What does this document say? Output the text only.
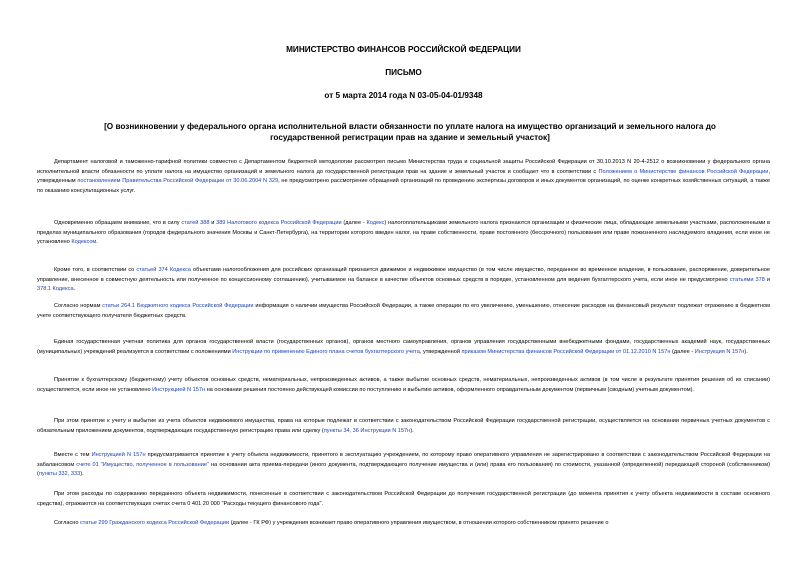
МИНИСТЕРСТВО ФИНАНСОВ РОССИЙСКОЙ ФЕДЕРАЦИИ
ПИСЬМО
от 5 марта 2014 года N 03-05-04-01/9348
[О возникновении у федерального органа исполнительной власти обязанности по уплате налога на имущество организаций и земельного налога до государственной регистрации прав на здание и земельный участок]

Департамент налоговой и таможенно-тарифной политики совместно с Департаментом бюджетной методологии рассмотрел письмо Министерства труда и социальной защиты Российской Федерации от 30.10.2013 N 20-4-2512 о возникновении у федерального органа исполнительной власти обязанности по уплате налога на имущество организаций и земельного налога до государственной регистрации прав на здание и земельный участок и сообщает что в соответствии с Положением о Министерстве финансов Российской Федерации, утвержденным постановлением Правительства Российской Федерации от 30.06.2004 N 329, не предусмотрено рассмотрение обращений организаций по проведению экспертизы договоров и иных документов организаций, по оценке конкретных хозяйственных ситуаций, а также по оказанию консультационных услуг.

Одновременно обращаем внимание, что в силу статей 388 и 389 Налогового кодекса Российской Федерации (далее - Кодекс) налогоплательщиками земельного налога признаются организации и физические лица, обладающие земельными участками, расположенными в пределах муниципального образования (городов федерального значения Москвы и Санкт-Петербурга), на территории которого введен налог, на праве собственности, праве постоянного (бессрочного) пользования или праве пожизненного наследуемого владения, если иное не установлено Кодексом.

Кроме того, в соответствии со статьей 374 Кодекса объектами налогообложения для российских организаций признается движимое и недвижимое имущество (в том числе имущество, переданное во временное владение, в пользование, распоряжение, доверительное управление, внесенное в совместную деятельность или полученное по концессионному соглашению), учитываемое на балансе в качестве объектов основных средств в порядке, установленном для ведения бухгалтерского учета, если иное не предусмотрено статьями 378 и 378.1 Кодекса.

Согласно нормам статьи 264.1 Бюджетного кодекса Российской Федерации информация о наличии имущества Российской Федерации, а также операции по его увеличению, уменьшению, отнесение расходов на финансовый результат подлежат отражению в бюджетном учете соответствующего получателя бюджетных средств.

Единая государственная учетная политика для органов государственной власти (государственных органов), органов местного самоуправления, органов управления государственными внебюджетными фондами, государственных академий наук, государственных (муниципальных) учреждений реализуется в соответствии с положениями Инструкции по применению Единого плана счетов бухгалтерского учета, утвержденной приказом Министерства финансов Российской Федерации от 01.12.2010 N 157н (далее - Инструкция N 157н).

Принятие к бухгалтерскому (бюджетному) учету объектов основных средств, нематериальных, непроизведенных активов, а также выбытие основных средств, нематериальных, непроизведенных активов (в том числе в результате принятия решения об их списании) осуществляется, если иное не установлено Инструкцией N 157н на основании решения постоянно действующей комиссии по поступлению и выбытию активов, оформленного оправдательным документом (первичным (сводным) учетным документом).

При этом принятие к учету и выбытие из учета объектов недвижимого имущества, права на которые подлежат в соответствии с законодательством Российской Федерации государственной регистрации, осуществляется на основании первичных учетных документов с обязательным приложением документов, подтверждающих государственную регистрацию права или сделку (пункты 34, 36 Инструкции N 157н).

Вместе с тем Инструкцией N 157н предусматривается принятие к учету объекта недвижимости, принятого в эксплуатацию учреждением, по которому право оперативного управления не зарегистрировано в соответствии с законодательством Российской Федерации на забалансовом счете 01 "Имущество, полученное в пользование" на основании акта приема-передачи (иного документа, подтверждающего получение имущества и (или) права его пользования) по стоимости, указанной (определенной) передающей стороной (собственником) (пункты 332, 333).

При этом расходы по содержанию переданного объекта недвижимости, понесенные в соответствии с законодательством Российской Федерации до получения государственной регистрации (до момента принятия к учету объекта недвижимости в составе основного средства), отражаются на соответствующих счетах счета 0 401 20 000 "Расходы текущего финансового года".

Согласно статье 299 Гражданского кодекса Российской Федерации (далее - ГК РФ) у учреждения возникает право оперативного управления имуществом, в отношении которого собственником принято решение о
